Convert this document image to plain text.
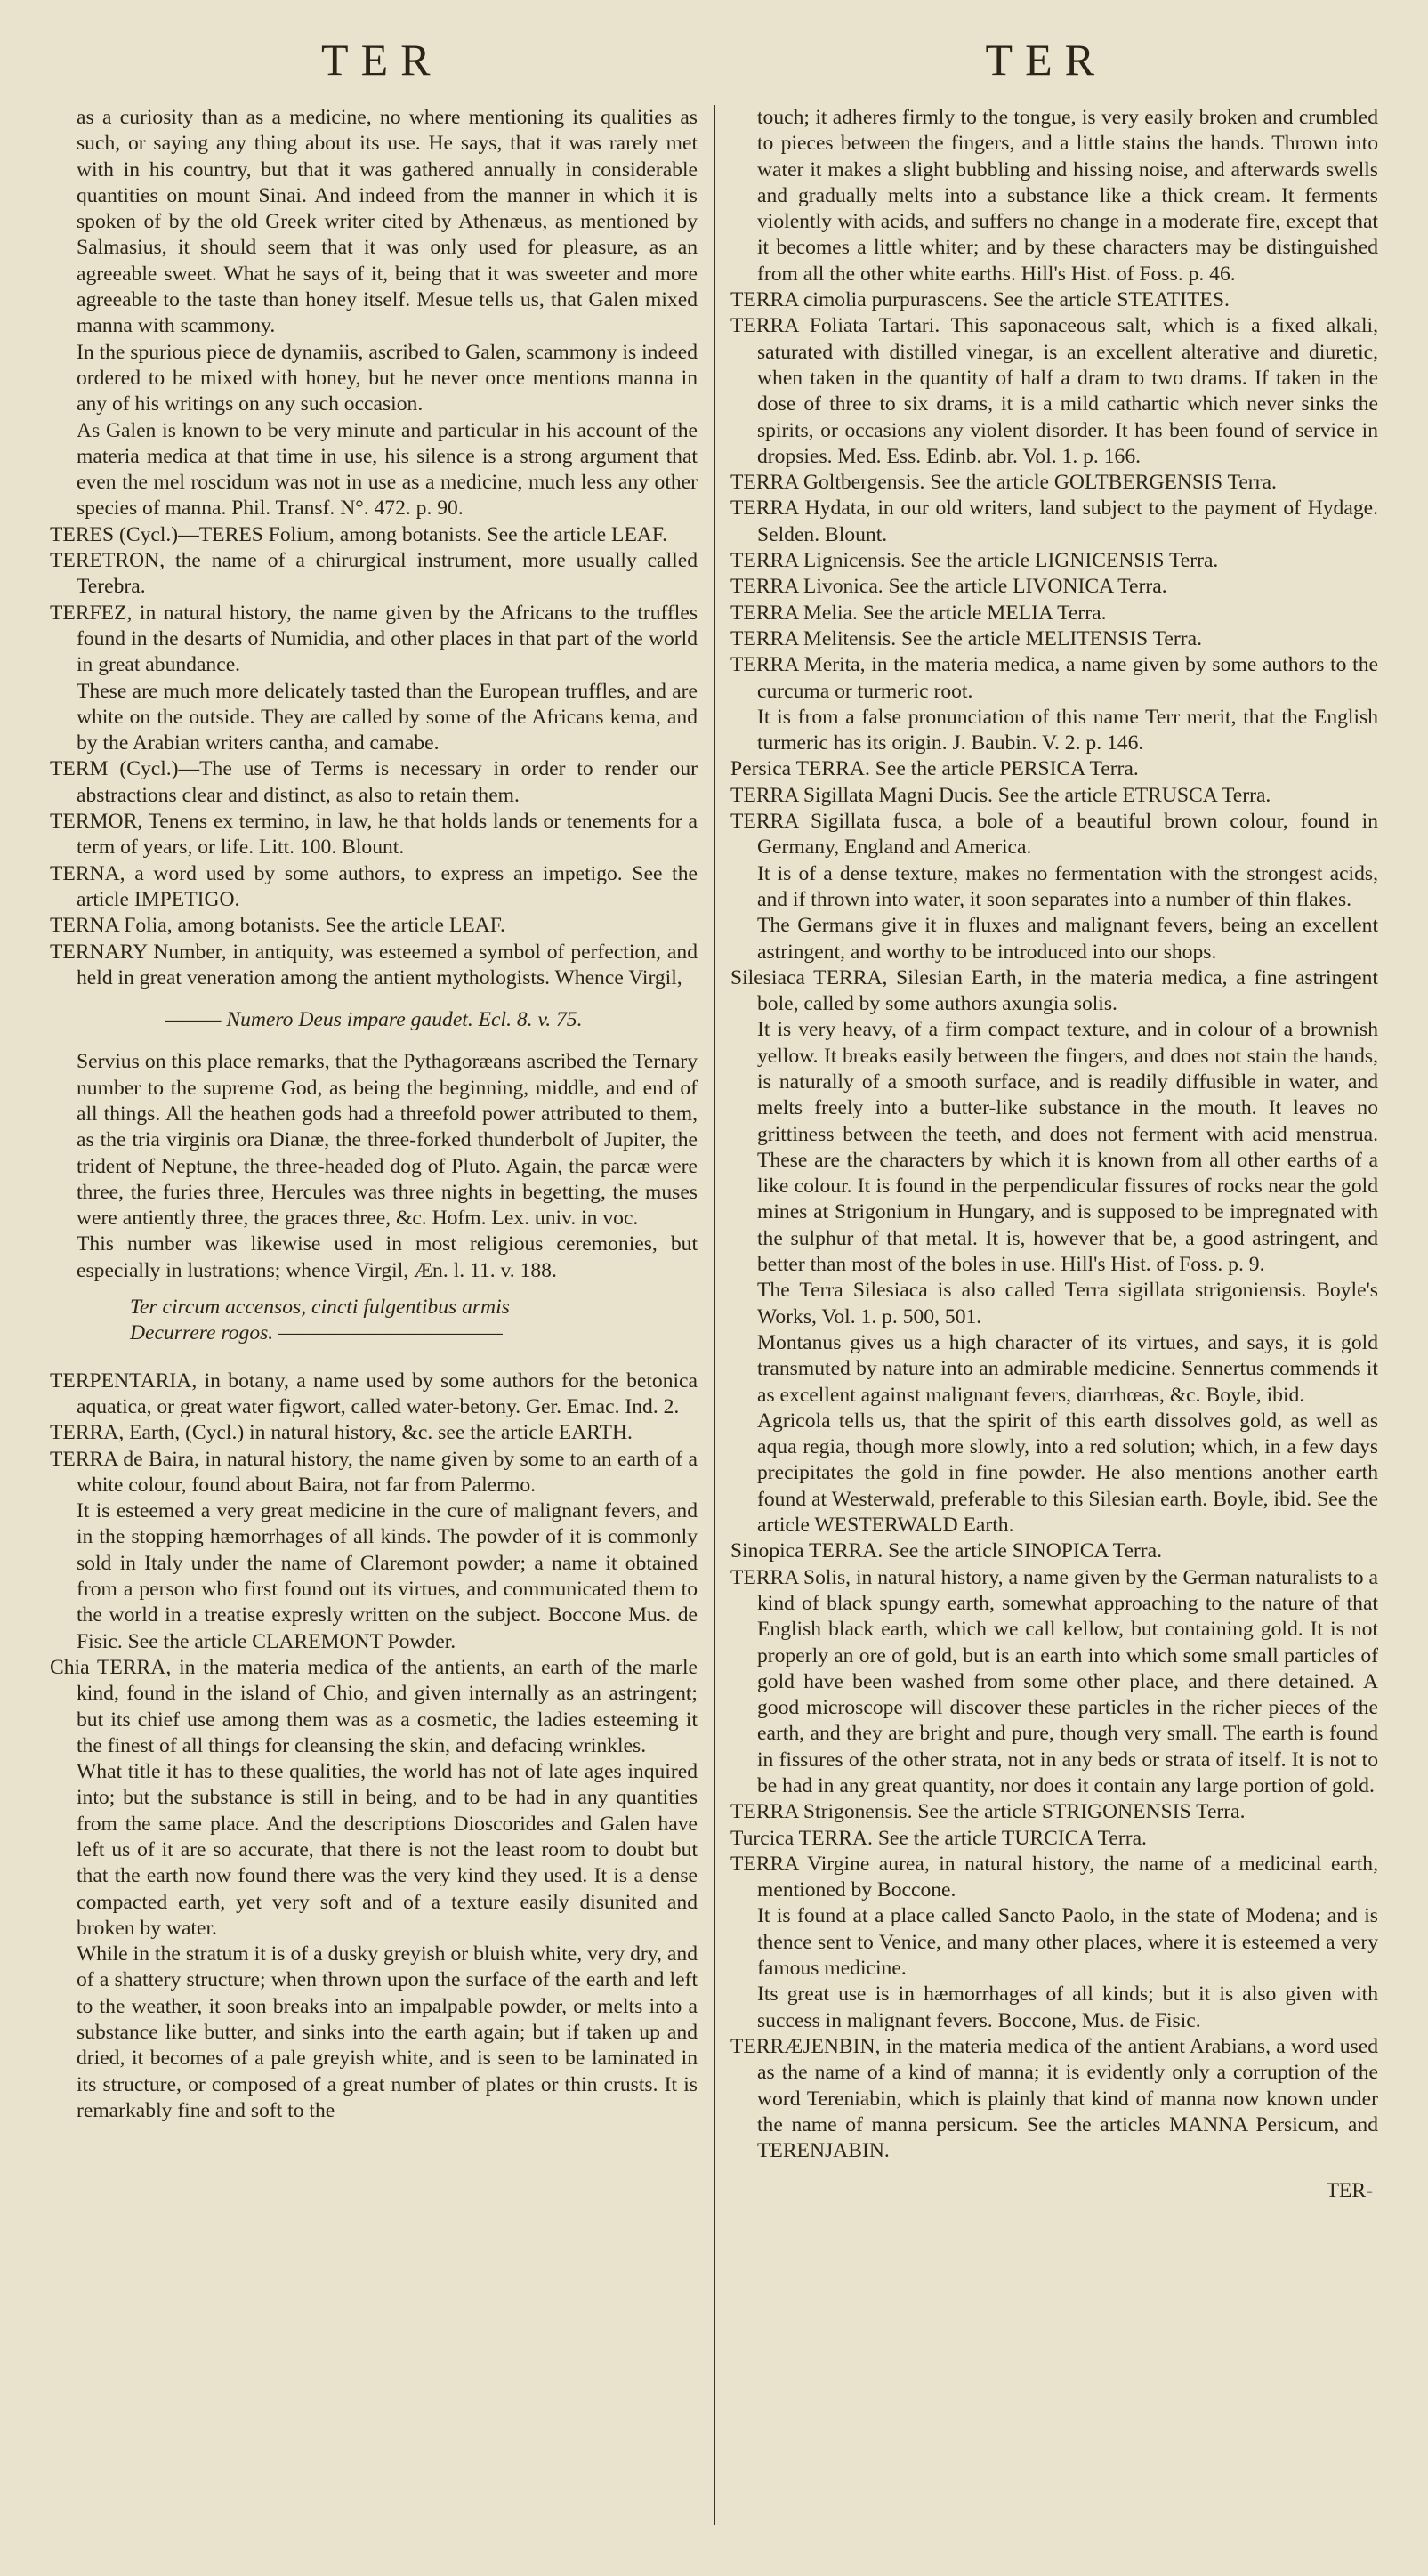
TER	TER

as a curiosity than as a medicine, no where mentioning its qualities as such, or saying any thing about its use. He says, that it was rarely met with in his country, but that it was gathered annually in considerable quantities on mount Sinai. And indeed from the manner in which it is spoken of by the old Greek writer cited by Athenæus, as mentioned by Salmasius, it should seem that it was only used for pleasure, as an agreeable sweet. What he says of it, being that it was sweeter and more agreeable to the taste than honey itself. Mesue tells us, that Galen mixed manna with scammony.

In the spurious piece de dynamiis, ascribed to Galen, scammony is indeed ordered to be mixed with honey, but he never once mentions manna in any of his writings on any such occasion.

As Galen is known to be very minute and particular in his account of the materia medica at that time in use, his silence is a strong argument that even the mel roscidum was not in use as a medicine, much less any other species of manna. Phil. Transf. N°. 472. p. 90.

TERES (Cycl.)—TERES Folium, among botanists. See the article LEAF.

TERETRON, the name of a chirurgical instrument, more usually called Terebra.

TERFEZ, in natural history, the name given by the Africans to the truffles found in the desarts of Numidia, and other places in that part of the world in great abundance.

These are much more delicately tasted than the European truffles, and are white on the outside. They are called by some of the Africans kema, and by the Arabian writers cantha, and camabe.

TERM (Cycl.)—The use of Terms is necessary in order to render our abstractions clear and distinct, as also to retain them.

TERMOR, Tenens ex termino, in law, he that holds lands or tenements for a term of years, or life. Litt. 100. Blount.

TERNA, a word used by some authors, to express an impetigo. See the article IMPETIGO.

TERNA Folia, among botanists. See the article LEAF.

TERNARY Number, in antiquity, was esteemed a symbol of perfection, and held in great veneration among the antient mythologists. Whence Virgil,

——— Numero Deus impare gaudet. Ecl. 8. v. 75.

Servius on this place remarks, that the Pythagoræans ascribed the Ternary number to the supreme God, as being the beginning, middle, and end of all things. All the heathen gods had a threefold power attributed to them, as the tria virginis ora Dianæ, the three-forked thunderbolt of Jupiter, the trident of Neptune, the three-headed dog of Pluto. Again, the parcæ were three, the furies three, Hercules was three nights in begetting, the muses were antiently three, the graces three, &c. Hofm. Lex. univ. in voc.

This number was likewise used in most religious ceremonies, but especially in lustrations; whence Virgil, Æn. l. 11. v. 188.

Ter circum accensos, cincti fulgentibus armis

Decurrere rogos. ————————————

TERPENTARIA, in botany, a name used by some authors for the betonica aquatica, or great water figwort, called water-betony. Ger. Emac. Ind. 2.

TERRA, Earth, (Cycl.) in natural history, &c. see the article EARTH.

TERRA de Baira, in natural history, the name given by some to an earth of a white colour, found about Baira, not far from Palermo.

It is esteemed a very great medicine in the cure of malignant fevers, and in the stopping hæmorrhages of all kinds. The powder of it is commonly sold in Italy under the name of Claremont powder; a name it obtained from a person who first found out its virtues, and communicated them to the world in a treatise expresly written on the subject. Boccone Mus. de Fisic. See the article CLAREMONT Powder.

Chia TERRA, in the materia medica of the antients, an earth of the marle kind, found in the island of Chio, and given internally as an astringent; but its chief use among them was as a cosmetic, the ladies esteeming it the finest of all things for cleansing the skin, and defacing wrinkles.

What title it has to these qualities, the world has not of late ages inquired into; but the substance is still in being, and to be had in any quantities from the same place. And the descriptions Dioscorides and Galen have left us of it are so accurate, that there is not the least room to doubt but that the earth now found there was the very kind they used. It is a dense compacted earth, yet very soft and of a texture easily disunited and broken by water.

While in the stratum it is of a dusky greyish or bluish white, very dry, and of a shattery structure; when thrown upon the surface of the earth and left to the weather, it soon breaks into an impalpable powder, or melts into a substance like butter, and sinks into the earth again; but if taken up and dried, it becomes of a pale greyish white, and is seen to be laminated in its structure, or composed of a great number of plates or thin crusts. It is remarkably fine and soft to the

touch; it adheres firmly to the tongue, is very easily broken and crumbled to pieces between the fingers, and a little stains the hands. Thrown into water it makes a slight bubbling and hissing noise, and afterwards swells and gradually melts into a substance like a thick cream. It ferments violently with acids, and suffers no change in a moderate fire, except that it becomes a little whiter; and by these characters may be distinguished from all the other white earths. Hill's Hist. of Foss. p. 46.

TERRA cimolia purpurascens. See the article STEATITES.

TERRA Foliata Tartari. This saponaceous salt, which is a fixed alkali, saturated with distilled vinegar, is an excellent alterative and diuretic, when taken in the quantity of half a dram to two drams. If taken in the dose of three to six drams, it is a mild cathartic which never sinks the spirits, or occasions any violent disorder. It has been found of service in dropsies. Med. Ess. Edinb. abr. Vol. 1. p. 166.

TERRA Goltbergensis. See the article GOLTBERGENSIS Terra.

TERRA Hydata, in our old writers, land subject to the payment of Hydage. Selden. Blount.

TERRA Lignicensis. See the article LIGNICENSIS Terra.

TERRA Livonica. See the article LIVONICA Terra.

TERRA Melia. See the article MELIA Terra.

TERRA Melitensis. See the article MELITENSIS Terra.

TERRA Merita, in the materia medica, a name given by some authors to the curcuma or turmeric root.

It is from a false pronunciation of this name Terr merit, that the English turmeric has its origin. J. Baubin. V. 2. p. 146.

Persica TERRA. See the article PERSICA Terra.

TERRA Sigillata Magni Ducis. See the article ETRUSCA Terra.

TERRA Sigillata fusca, a bole of a beautiful brown colour, found in Germany, England and America.

It is of a dense texture, makes no fermentation with the strongest acids, and if thrown into water, it soon separates into a number of thin flakes.

The Germans give it in fluxes and malignant fevers, being an excellent astringent, and worthy to be introduced into our shops.

Silesiaca TERRA, Silesian Earth, in the materia medica, a fine astringent bole, called by some authors axungia solis.

It is very heavy, of a firm compact texture, and in colour of a brownish yellow. It breaks easily between the fingers, and does not stain the hands, is naturally of a smooth surface, and is readily diffusible in water, and melts freely into a butter-like substance in the mouth. It leaves no grittiness between the teeth, and does not ferment with acid menstrua. These are the characters by which it is known from all other earths of a like colour. It is found in the perpendicular fissures of rocks near the gold mines at Strigonium in Hungary, and is supposed to be impregnated with the sulphur of that metal. It is, however that be, a good astringent, and better than most of the boles in use. Hill's Hist. of Foss. p. 9.

The Terra Silesiaca is also called Terra sigillata strigoniensis. Boyle's Works, Vol. 1. p. 500, 501.

Montanus gives us a high character of its virtues, and says, it is gold transmuted by nature into an admirable medicine. Sennertus commends it as excellent against malignant fevers, diarrhœas, &c. Boyle, ibid.

Agricola tells us, that the spirit of this earth dissolves gold, as well as aqua regia, though more slowly, into a red solution; which, in a few days precipitates the gold in fine powder. He also mentions another earth found at Westerwald, preferable to this Silesian earth. Boyle, ibid. See the article WESTERWALD Earth.

Sinopica TERRA. See the article SINOPICA Terra.

TERRA Solis, in natural history, a name given by the German naturalists to a kind of black spungy earth, somewhat approaching to the nature of that English black earth, which we call kellow, but containing gold. It is not properly an ore of gold, but is an earth into which some small particles of gold have been washed from some other place, and there detained. A good microscope will discover these particles in the richer pieces of the earth, and they are bright and pure, though very small. The earth is found in fissures of the other strata, not in any beds or strata of itself. It is not to be had in any great quantity, nor does it contain any large portion of gold.

TERRA Strigonensis. See the article STRIGONENSIS Terra.

Turcica TERRA. See the article TURCICA Terra.

TERRA Virgine aurea, in natural history, the name of a medicinal earth, mentioned by Boccone.

It is found at a place called Sancto Paolo, in the state of Modena; and is thence sent to Venice, and many other places, where it is esteemed a very famous medicine.

Its great use is in hæmorrhages of all kinds; but it is also given with success in malignant fevers. Boccone, Mus. de Fisic.

TERRÆJENBIN, in the materia medica of the antient Arabians, a word used as the name of a kind of manna; it is evidently only a corruption of the word Tereniabin, which is plainly that kind of manna now known under the name of manna persicum. See the articles MANNA Persicum, and TERENJABIN.

TER-
